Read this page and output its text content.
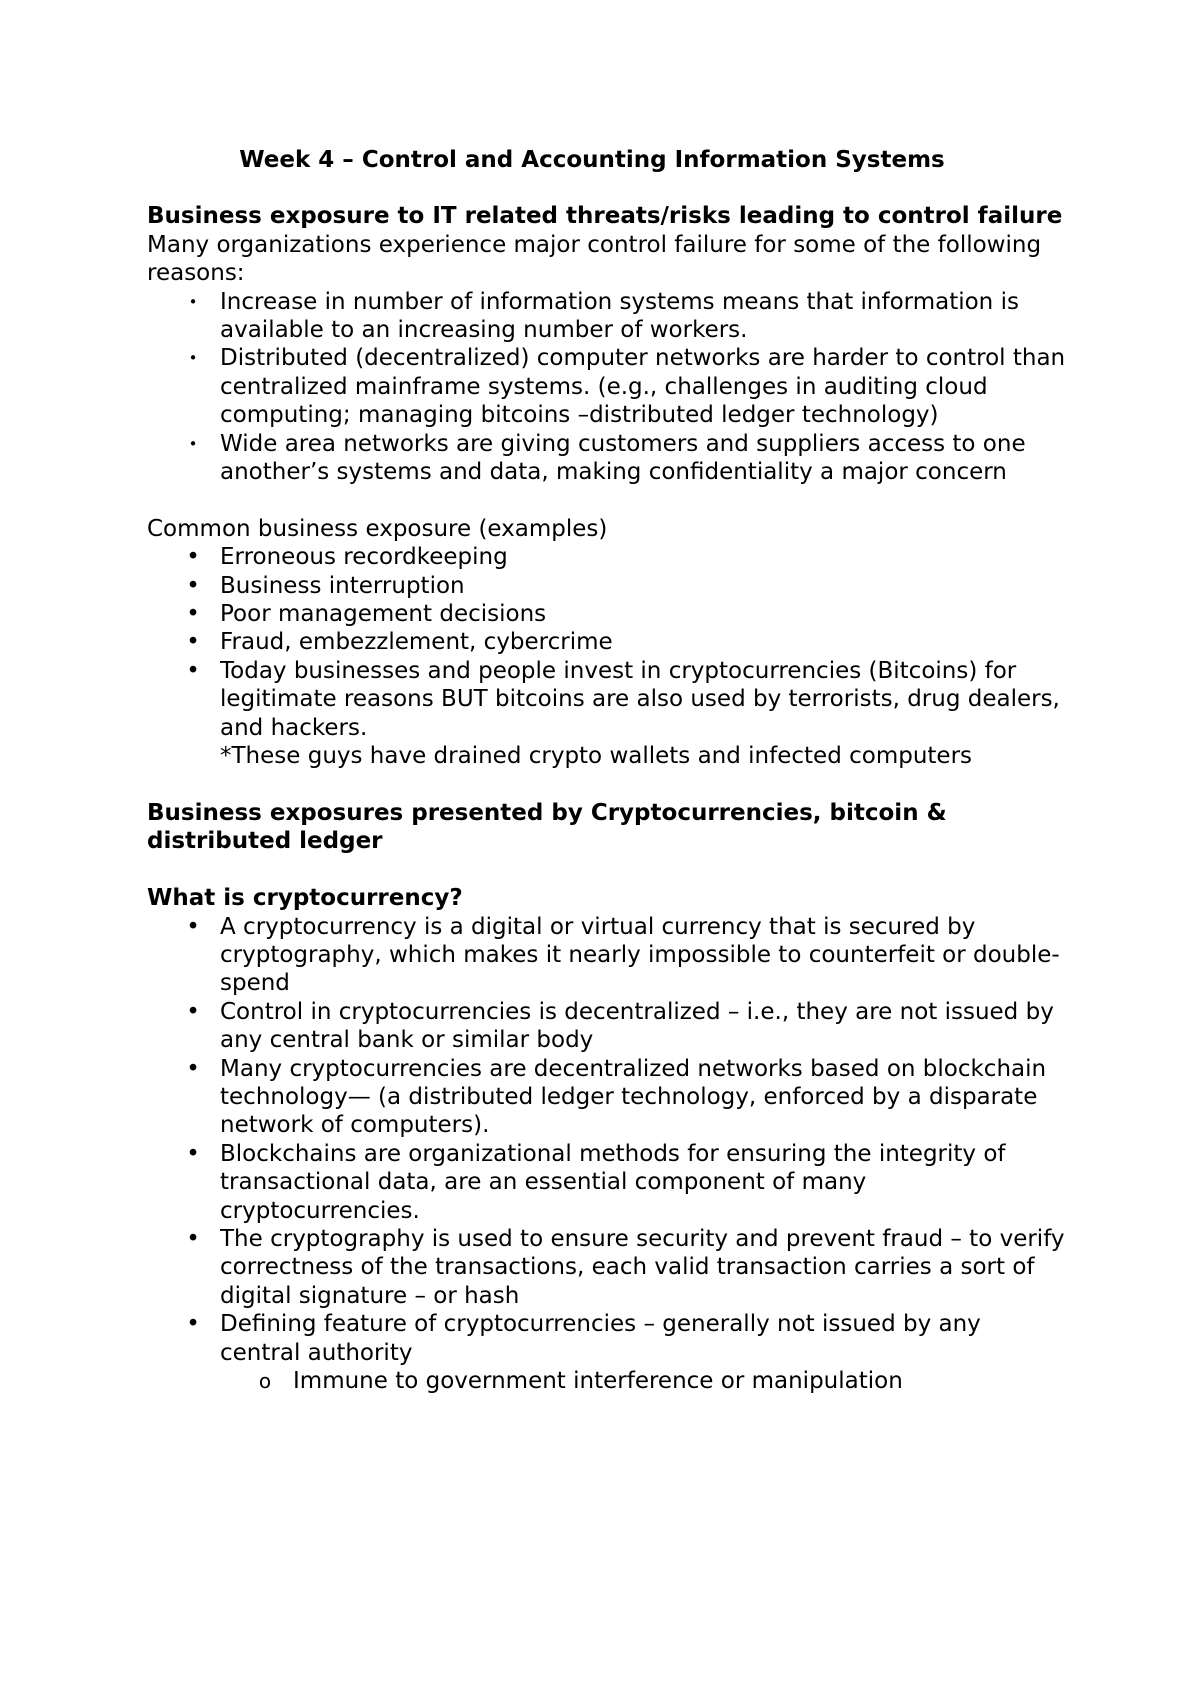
Week 4 – Control and Accounting Information Systems

Business exposure to IT related threats/risks leading to control failure

Many organizations experience major control failure for some of the following reasons:

• Increase in number of information systems means that information is available to an increasing number of workers.
• Distributed (decentralized) computer networks are harder to control than centralized mainframe systems. (e.g., challenges in auditing cloud computing; managing bitcoins –distributed ledger technology)
• Wide area networks are giving customers and suppliers access to one another’s systems and data, making confidentiality a major concern

Common business exposure (examples)

• Erroneous recordkeeping
• Business interruption
• Poor management decisions
• Fraud, embezzlement, cybercrime
• Today businesses and people invest in cryptocurrencies (Bitcoins) for legitimate reasons BUT bitcoins are also used by terrorists, drug dealers, and hackers.
*These guys have drained crypto wallets and infected computers

Business exposures presented by Cryptocurrencies, bitcoin & distributed ledger

What is cryptocurrency?

• A cryptocurrency is a digital or virtual currency that is secured by cryptography, which makes it nearly impossible to counterfeit or double-spend
• Control in cryptocurrencies is decentralized – i.e., they are not issued by any central bank or similar body
• Many cryptocurrencies are decentralized networks based on blockchain technology— (a distributed ledger technology, enforced by a disparate network of computers).
• Blockchains are organizational methods for ensuring the integrity of transactional data, are an essential component of many cryptocurrencies.
• The cryptography is used to ensure security and prevent fraud – to verify correctness of the transactions, each valid transaction carries a sort of digital signature – or hash
• Defining feature of cryptocurrencies – generally not issued by any central authority
o Immune to government interference or manipulation
